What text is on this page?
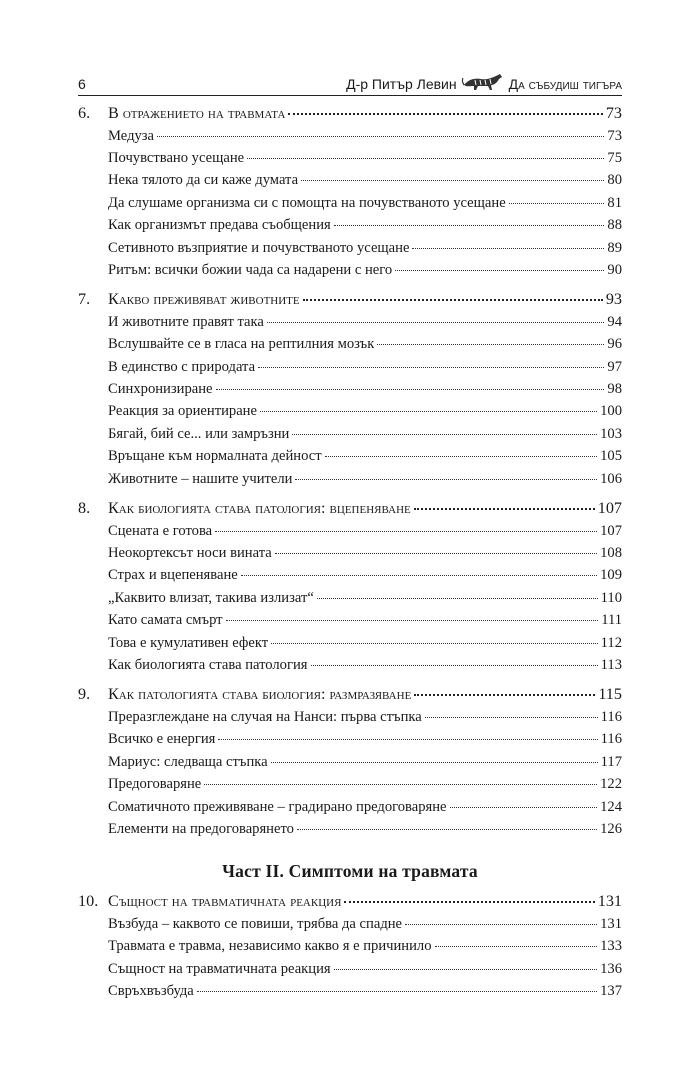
6	Д-р Питър Левин	Да събудиш тигъра
6.	В отражението на травмата	73
Медуза	73
Почувствано усещане	75
Нека тялото да си каже думата	80
Да слушаме организма си с помощта на почувстваното усещане	81
Как организмът предава съобщения	88
Сетивното възприятие и почувстваното усещане	89
Ритъм: всички божии чада са надарени с него	90
7.	Какво преживяват животните	93
И животните правят така	94
Вслушвайте се в гласа на рептилния мозък	96
В единство с природата	97
Синхронизиране	98
Реакция за ориентиране	100
Бягай, бий се... или замръзни	103
Връщане към нормалната дейност	105
Животните – нашите учители	106
8.	Как биологията става патология: вцепеняване	107
Сцената е готова	107
Неокортексът носи вината	108
Страх и вцепеняване	109
„Каквито влизат, такива излизат“	110
Като самата смърт	111
Това е кумулативен ефект	112
Как биологията става патология	113
9.	Как патологията става биология: размразяване	115
Преразглеждане на случая на Нанси: първа стъпка	116
Всичко е енергия	116
Мариус: следваща стъпка	117
Предоговаряне	122
Соматичното преживяване – градирано предоговаряне	124
Елементи на предоговарянето	126
Част II. Симптоми на травмата
10. Същност на травматичната реакция	131
Възбуда – каквото се повиши, трябва да спадне	131
Травмата е травма, независимо какво я е причинило	133
Същност на травматичната реакция	136
Свръхвъзбуда	137
